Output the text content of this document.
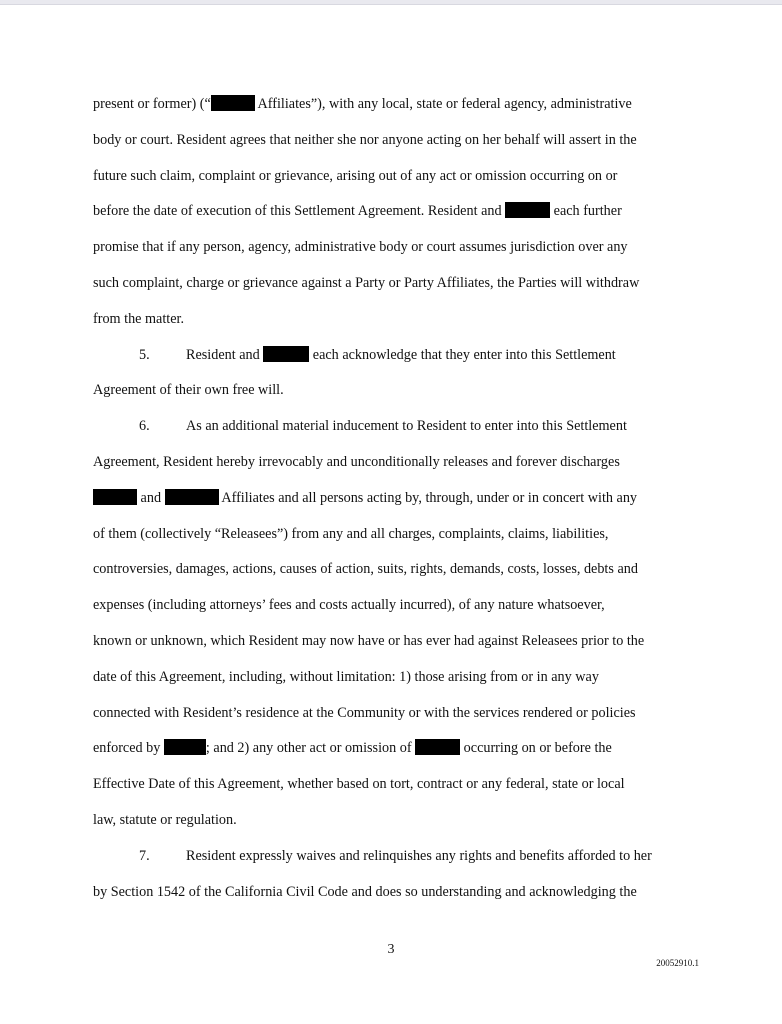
present or former) (“	Affiliates”), with any local, state or federal agency, administrative
body or court. Resident agrees that neither she nor anyone acting on her behalf will assert in the
future such claim, complaint or grievance, arising out of any act or omission occurring on or
before the date of execution of this Settlement Agreement. Resident and	each further
promise that if any person, agency, administrative body or court assumes jurisdiction over any
such complaint, charge or grievance against a Party or Party Affiliates, the Parties will withdraw
from the matter.
5.	Resident and	each acknowledge that they enter into this Settlement
Agreement of their own free will.
6.	As an additional material inducement to Resident to enter into this Settlement
Agreement, Resident hereby irrevocably and unconditionally releases and forever discharges
and	Affiliates and all persons acting by, through, under or in concert with any
of them (collectively “Releasees”) from any and all charges, complaints, claims, liabilities,
controversies, damages, actions, causes of action, suits, rights, demands, costs, losses, debts and
expenses (including attorneys’ fees and costs actually incurred), of any nature whatsoever,
known or unknown, which Resident may now have or has ever had against Releasees prior to the
date of this Agreement, including, without limitation: 1) those arising from or in any way
connected with Resident’s residence at the Community or with the services rendered or policies
enforced by	; and 2) any other act or omission of	occurring on or before the
Effective Date of this Agreement, whether based on tort, contract or any federal, state or local
law, statute or regulation.
7.	Resident expressly waives and relinquishes any rights and benefits afforded to her
by Section 1542 of the California Civil Code and does so understanding and acknowledging the
3
20052910.1
